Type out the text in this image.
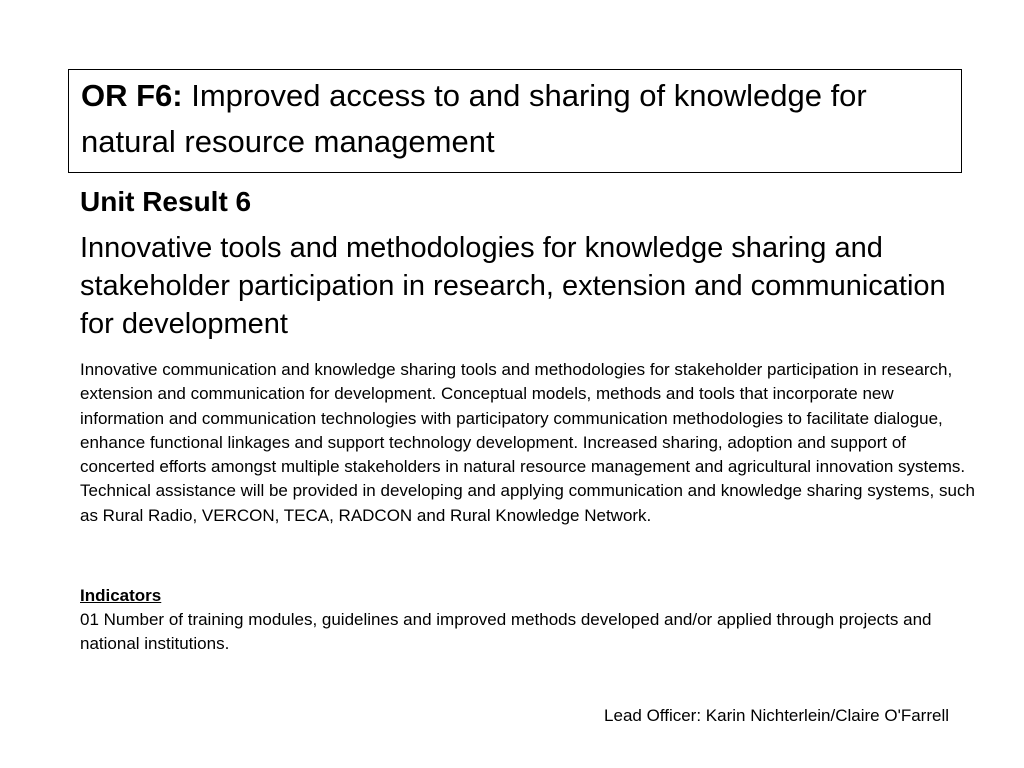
OR F6: Improved access to and sharing of knowledge for natural resource management

Unit Result 6

Innovative tools and methodologies for knowledge sharing and stakeholder participation in research, extension and communication for development

Innovative communication and knowledge sharing tools and methodologies for stakeholder participation in research, extension and communication for development. Conceptual models, methods and tools that incorporate new information and communication technologies with participatory communication methodologies to facilitate dialogue, enhance functional linkages and support technology development. Increased sharing, adoption and support of concerted efforts amongst multiple stakeholders in natural resource management and agricultural innovation systems. Technical assistance will be provided in developing and applying communication and knowledge sharing systems, such as Rural Radio, VERCON, TECA, RADCON and Rural Knowledge Network.

Indicators
01 Number of training modules, guidelines and improved methods developed and/or applied through projects and national institutions.

Lead Officer: Karin Nichterlein/Claire O'Farrell
